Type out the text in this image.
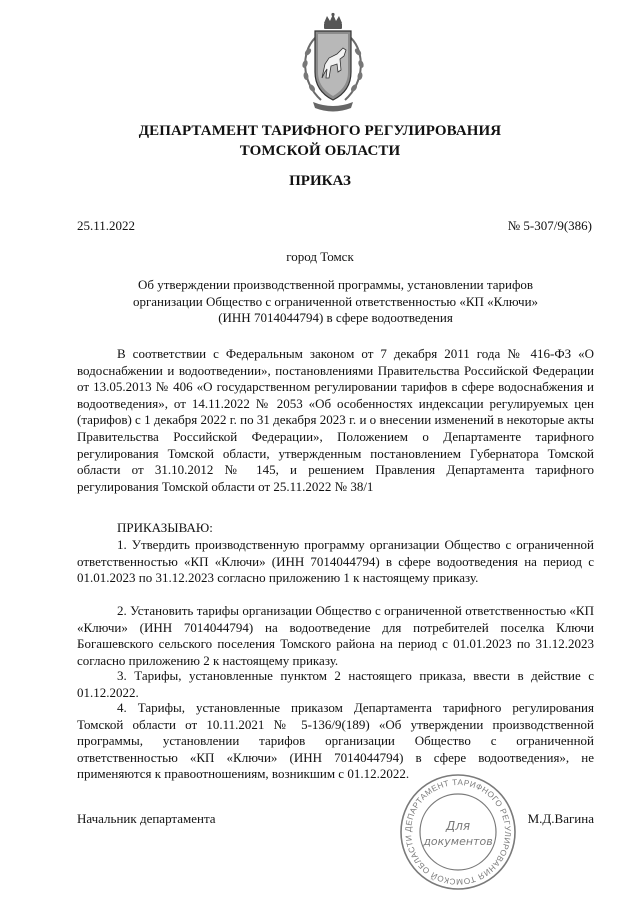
ДЕПАРТАМЕНТ ТАРИФНОГО РЕГУЛИРОВАНИЯ
ТОМСКОЙ ОБЛАСТИ
ПРИКАЗ
25.11.2022	№ 5-307/9(386)
город Томск
Об утверждении производственной программы, установлении тарифов
организации Общество с ограниченной ответственностью «КП «Ключи»
(ИНН 7014044794) в сфере водоотведения

В соответствии с Федеральным законом от 7 декабря 2011 года № 416-ФЗ «О водоснабжении и водоотведении», постановлениями Правительства Российской Федерации от 13.05.2013 № 406 «О государственном регулировании тарифов в сфере водоснабжения и водоотведения», от 14.11.2022 № 2053 «Об особенностях индексации регулируемых цен (тарифов) с 1 декабря 2022 г. по 31 декабря 2023 г. и о внесении изменений в некоторые акты Правительства Российской Федерации», Положением о Департаменте тарифного регулирования Томской области, утвержденным постановлением Губернатора Томской области от 31.10.2012 № 145, и решением Правления Департамента тарифного регулирования Томской области от 25.11.2022 № 38/1

ПРИКАЗЫВАЮ:

1. Утвердить производственную программу организации Общество с ограниченной ответственностью «КП «Ключи» (ИНН 7014044794) в сфере водоотведения на период с 01.01.2023 по 31.12.2023 согласно приложению 1 к настоящему приказу.

2. Установить тарифы организации Общество с ограниченной ответственностью «КП «Ключи» (ИНН 7014044794) на водоотведение для потребителей поселка Ключи Богашевского сельского поселения Томского района на период с 01.01.2023 по 31.12.2023 согласно приложению 2 к настоящему приказу.

3. Тарифы, установленные пунктом 2 настоящего приказа, ввести в действие с 01.12.2022.

4. Тарифы, установленные приказом Департамента тарифного регулирования Томской области от 10.11.2021 № 5-136/9(189) «Об утверждении производственной программы, установлении тарифов организации Общество с ограниченной ответственностью «КП «Ключи» (ИНН 7014044794) в сфере водоотведения», не применяются к правоотношениям, возникшим с 01.12.2022.

Начальник департамента	М.Д.Вагина
ДЕПАРТАМЕНТ ТАРИФНОГО РЕГУЛИРОВАНИЯ ТОМСКОЙ ОБЛАСТИ
Для
документов
